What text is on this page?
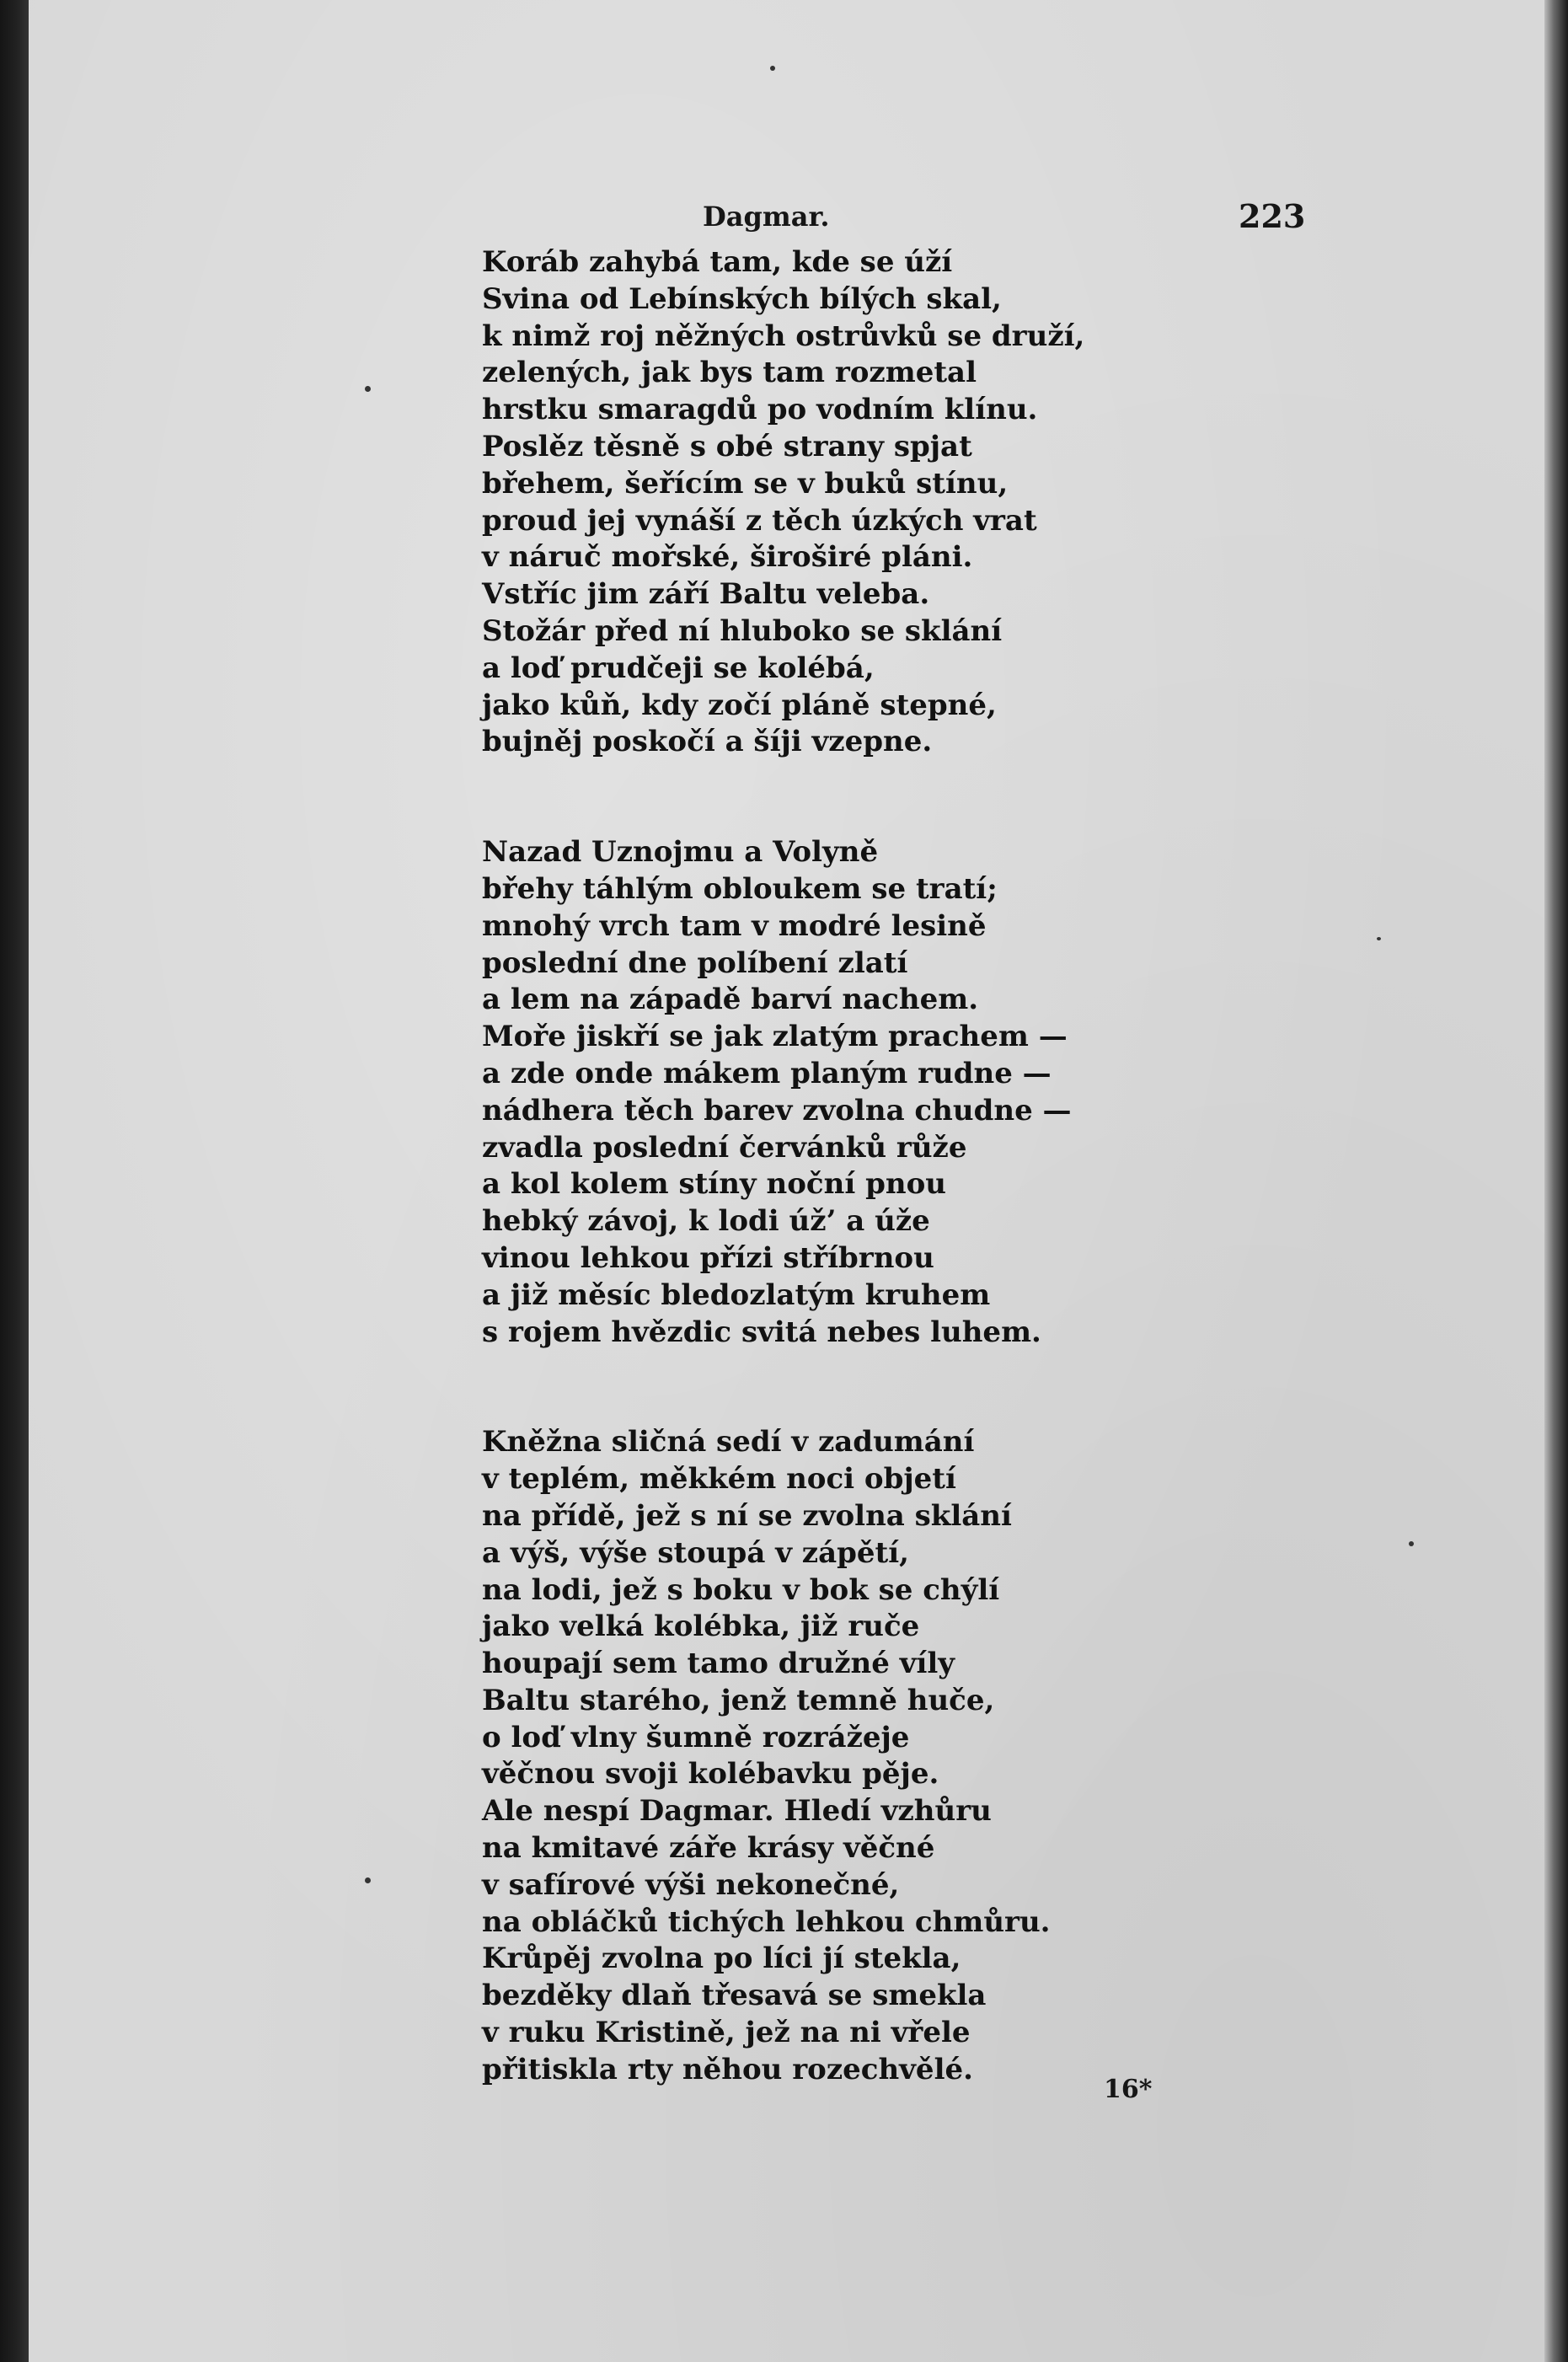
Dagmar.	223
Koráb zahybá tam, kde se úží
Svina od Lebínských bílých skal,
k nimž roj něžných ostrůvků se druží,
zelených, jak bys tam rozmetal
hrstku smaragdů po vodním klínu.
Poslěz těsně s obé strany spjat
břehem, šeřícím se v buků stínu,
proud jej vynáší z těch úzkých vrat
v náruč mořské, široširé pláni.
Vstříc jim září Baltu veleba.
Stožár před ní hluboko se sklání
a loď prudčeji se kolébá,
jako kůň, kdy zočí pláně stepné,
bujněj poskočí a šíji vzepne.
Nazad Uznojmu a Volyně
břehy táhlým obloukem se tratí;
mnohý vrch tam v modré lesině
poslední dne políbení zlatí
a lem na západě barví nachem.
Moře jiskří se jak zlatým prachem —
a zde onde mákem planým rudne —
nádhera těch barev zvolna chudne —
zvadla poslední červánků růže
a kol kolem stíny noční pnou
hebký závoj, k lodi úž’ a úže
vinou lehkou přízi stříbrnou
a již měsíc bledozlatým kruhem
s rojem hvězdic svitá nebes luhem.
Kněžna sličná sedí v zadumání
v teplém, měkkém noci objetí
na přídě, jež s ní se zvolna sklání
a výš, výše stoupá v zápětí,
na lodi, jež s boku v bok se chýlí
jako velká kolébka, již ruče
houpají sem tamo družné víly
Baltu starého, jenž temně huče,
o loď vlny šumně rozrážeje
věčnou svoji kolébavku pěje.
Ale nespí Dagmar. Hledí vzhůru
na kmitavé záře krásy věčné
v safírové výši nekonečné,
na obláčků tichých lehkou chmůru.
Krůpěj zvolna po líci jí stekla,
bezděky dlaň třesavá se smekla
v ruku Kristině, jež na ni vřele
přitiskla rty něhou rozechvělé.
16*
